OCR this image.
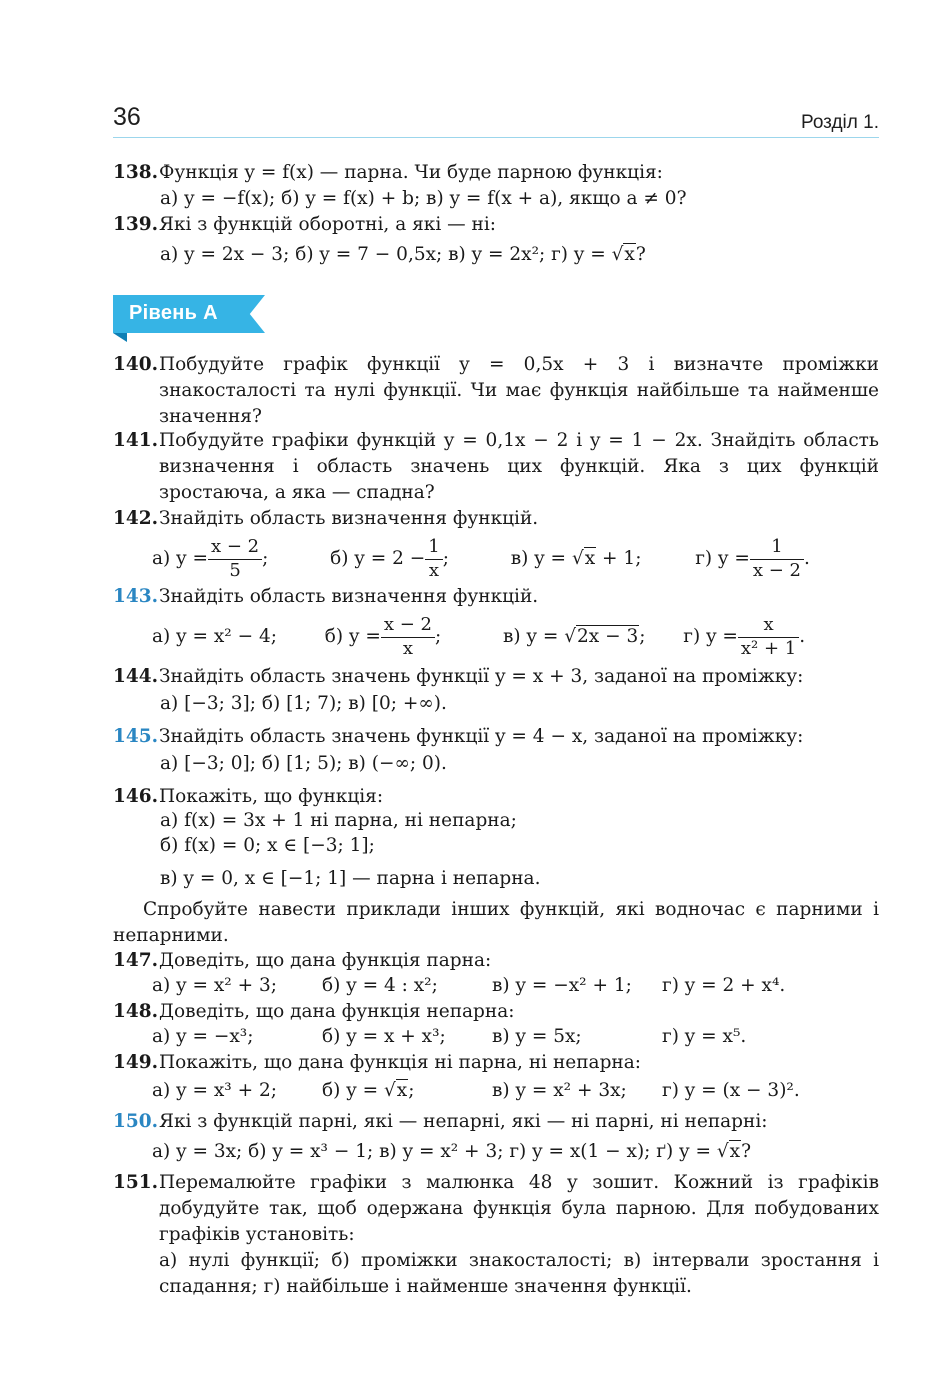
36	Розділ 1.
138. Функція y = f(x) — парна. Чи буде парною функція:
а) y = −f(x); б) y = f(x) + b; в) y = f(x + a), якщо a ≠ 0?
139. Які з функцій оборотні, а які — ні:
а) y = 2x − 3; б) y = 7 − 0,5x; в) y = 2x²; г) y = √x?
Рівень А
140. Побудуйте графік функції y = 0,5x + 3 і визначте проміжки знакосталості та нулі функції. Чи має функція найбільше та найменше значення?
141. Побудуйте графіки функцій y = 0,1x − 2 і y = 1 − 2x. Знайдіть область визначення і область значень цих функцій. Яка з цих функцій зростаюча, а яка — спадна?
142. Знайдіть область визначення функцій.
а) $y = \frac{x - 2}{5}$ ;	б) $y = 2 - \frac{1}{x}$ ;	в) y = √x + 1;	г) $y = \frac{1}{x - 2}$ .
143. Знайдіть область визначення функцій.
а) y = x² − 4;	б) $y = \frac{x - 2}{x}$ ;	в) y = √2x − 3; г) $y = \frac{x}{\text{x² + 1}}$ .
144. Знайдіть область значень функції y = x + 3, заданої на проміжку:
а) [−3; 3]; б) [1; 7); в) [0; +∞).
145. Знайдіть область значень функції y = 4 − x, заданої на проміжку:
а) [−3; 0]; б) [1; 5); в) (−∞; 0).
146. Покажіть, що функція:
а) f(x) = 3x + 1 ні парна, ні непарна;
б) f(x) = 0; x ∈ [−3; 1];
в) y = 0, x ∈ [−1; 1] — парна і непарна.
Спробуйте навести приклади інших функцій, які водночас є парними і непарними.
147. Доведіть, що дана функція парна:
а) y = x² + 3; б) y = 4 : x²;	в) y = −x² + 1; г) y = 2 + x⁴.
148. Доведіть, що дана функція непарна:
а) y = −x³;	б) y = x + x³;	в) y = 5x;	г) y = x⁵.
149. Покажіть, що дана функція ні парна, ні непарна:
а) y = x³ + 2; б) y = √x;	в) y = x² + 3x; г) y = (x − 3)².
150. Які з функцій парні, які — непарні, які — ні парні, ні непарні:
а) y = 3x; б) y = x³ − 1; в) y = x² + 3; г) y = x(1 − x); ґ) y = √x?
151. Перемалюйте графіки з малюнка 48 у зошит. Кожний із графіків добудуйте так, щоб одержана функція була парною. Для побудованих графіків установіть:
а) нулі функції; б) проміжки знакосталості; в) інтервали зростання і спадання; г) найбільше і найменше значення функції.
